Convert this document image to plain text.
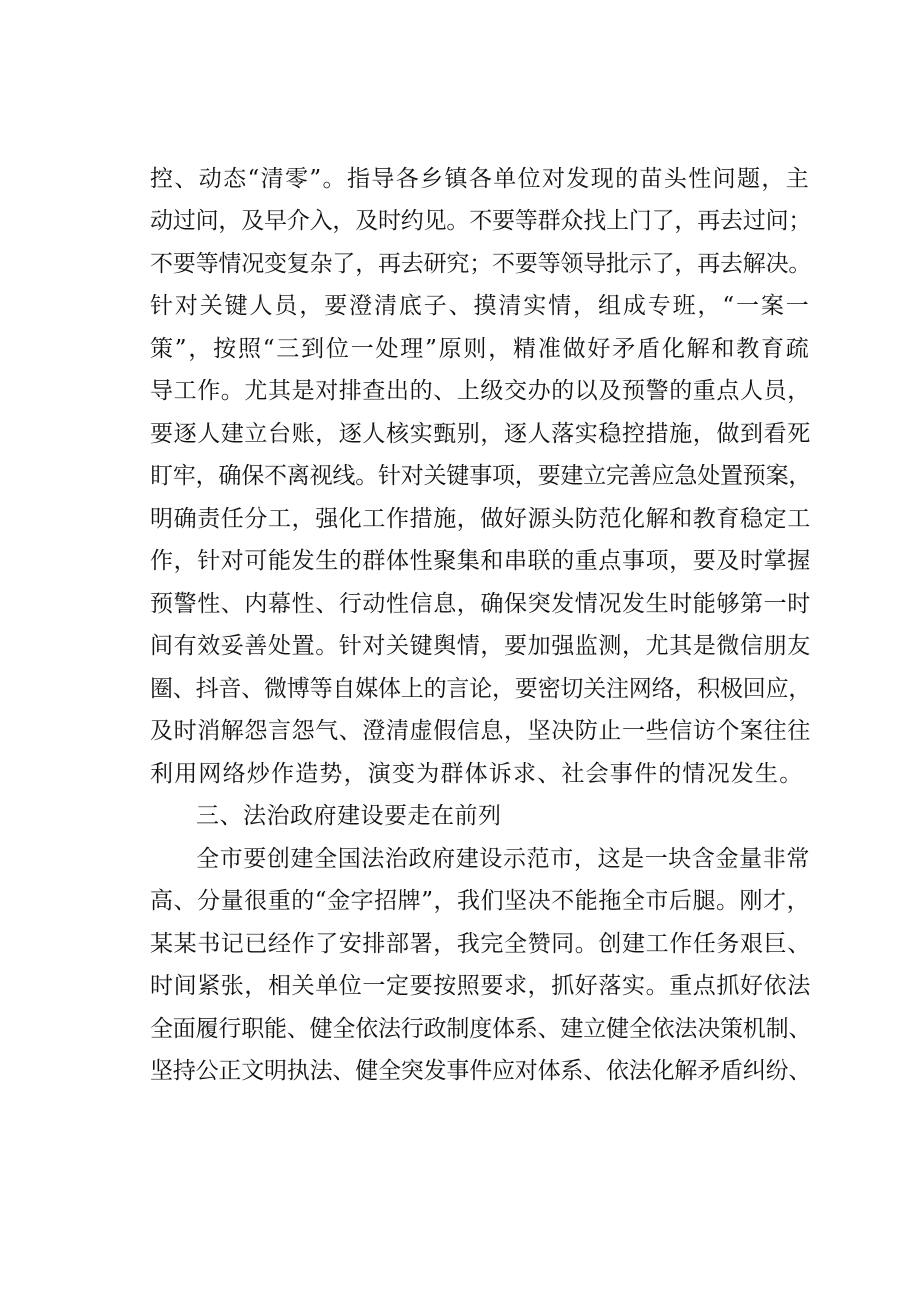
控、动态“清零”。指导各乡镇各单位对发现的苗头性问题，主
动过问，及早介入，及时约见。不要等群众找上门了，再去过问；
不要等情况变复杂了，再去研究；不要等领导批示了，再去解决。
针对关键人员，要澄清底子、摸清实情，组成专班，“一案一
策”，按照“三到位一处理”原则，精准做好矛盾化解和教育疏
导工作。尤其是对排查出的、上级交办的以及预警的重点人员，
要逐人建立台账，逐人核实甄别，逐人落实稳控措施，做到看死
盯牢，确保不离视线。针对关键事项，要建立完善应急处置预案，
明确责任分工，强化工作措施，做好源头防范化解和教育稳定工
作，针对可能发生的群体性聚集和串联的重点事项，要及时掌握
预警性、内幕性、行动性信息，确保突发情况发生时能够第一时
间有效妥善处置。针对关键舆情，要加强监测，尤其是微信朋友
圈、抖音、微博等自媒体上的言论，要密切关注网络，积极回应，
及时消解怨言怨气、澄清虚假信息，坚决防止一些信访个案往往
利用网络炒作造势，演变为群体诉求、社会事件的情况发生。
三、法治政府建设要走在前列
全市要创建全国法治政府建设示范市，这是一块含金量非常
高、分量很重的“金字招牌”，我们坚决不能拖全市后腿。刚才，
某某书记已经作了安排部署，我完全赞同。创建工作任务艰巨、
时间紧张，相关单位一定要按照要求，抓好落实。重点抓好依法
全面履行职能、健全依法行政制度体系、建立健全依法决策机制、
坚持公正文明执法、健全突发事件应对体系、依法化解矛盾纠纷、
